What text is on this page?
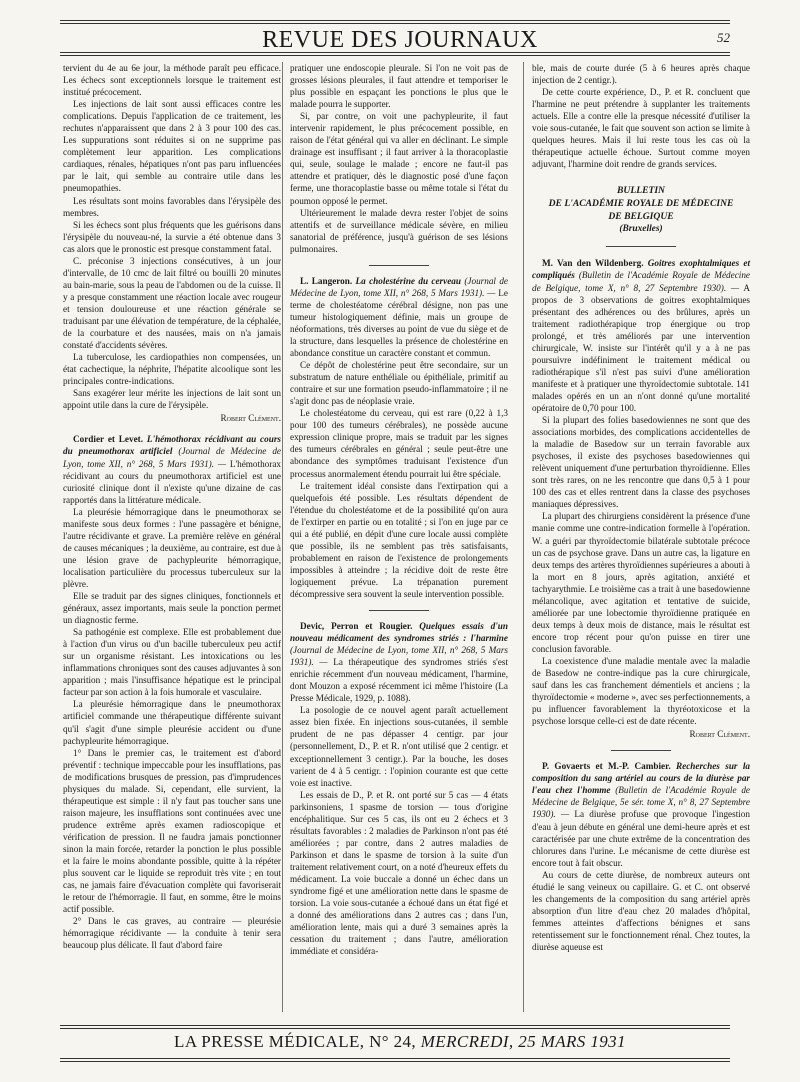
REVUE DES JOURNAUX	52

tervient du 4e au 6e jour, la méthode paraît peu efficace. Les échecs sont exceptionnels lorsque le traitement est institué précocement.

Les injections de lait sont aussi efficaces contre les complications. Depuis l'application de ce traitement, les rechutes n'apparaissent que dans 2 à 3 pour 100 des cas. Les suppurations sont réduites si on ne supprime pas complètement leur apparition. Les complications cardiaques, rénales, hépatiques n'ont pas paru influencées par le lait, qui semble au contraire utile dans les pneumopathies.

Les résultats sont moins favorables dans l'érysipèle des membres.

Si les échecs sont plus fréquents que les guérisons dans l'érysipèle du nouveau-né, la survie a été obtenue dans 3 cas alors que le pronostic est presque constamment fatal.

C. préconise 3 injections consécutives, à un jour d'intervalle, de 10 cmc de lait filtré ou bouilli 20 minutes au bain-marie, sous la peau de l'abdomen ou de la cuisse. Il y a presque constamment une réaction locale avec rougeur et tension douloureuse et une réaction générale se traduisant par une élévation de température, de la céphalée, de la courbature et des nausées, mais on n'a jamais constaté d'accidents sévères.

La tuberculose, les cardiopathies non compensées, un état cachectique, la néphrite, l'hépatite alcoolique sont les principales contre-indications.

Sans exagérer leur mérite les injections de lait sont un appoint utile dans la cure de l'érysipèle.

Robert Clément.

Cordier et Levet. L'hémothorax récidivant au cours du pneumothorax artificiel (Journal de Médecine de Lyon, tome XII, n° 268, 5 Mars 1931). — L'hémothorax récidivant au cours du pneumothorax artificiel est une curiosité clinique dont il n'existe qu'une dizaine de cas rapportés dans la littérature médicale.

La pleurésie hémorragique dans le pneumothorax se manifeste sous deux formes : l'une passagère et bénigne, l'autre récidivante et grave. La première relève en général de causes mécaniques ; la deuxième, au contraire, est due à une lésion grave de pachypleurite hémorragique, localisation particulière du processus tuberculeux sur la plèvre.

Elle se traduit par des signes cliniques, fonctionnels et généraux, assez importants, mais seule la ponction permet un diagnostic ferme.

Sa pathogénie est complexe. Elle est probablement due à l'action d'un virus ou d'un bacille tuberculeux peu actif sur un organisme résistant. Les intoxications ou les inflammations chroniques sont des causes adjuvantes à son apparition ; mais l'insuffisance hépatique est le principal facteur par son action à la fois humorale et vasculaire.

La pleurésie hémorragique dans le pneumothorax artificiel commande une thérapeutique différente suivant qu'il s'agit d'une simple pleurésie accident ou d'une pachypleurite hémorragique.

1° Dans le premier cas, le traitement est d'abord préventif : technique impeccable pour les insufflations, pas de modifications brusques de pression, pas d'imprudences physiques du malade. Si, cependant, elle survient, la thérapeutique est simple : il n'y faut pas toucher sans une raison majeure, les insufflations sont continuées avec une prudence extrême après examen radioscopique et vérification de pression. Il ne faudra jamais ponctionner sinon la main forcée, retarder la ponction le plus possible et la faire le moins abondante possible, quitte à la répéter plus souvent car le liquide se reproduit très vite ; en tout cas, ne jamais faire d'évacuation complète qui favoriserait le retour de l'hémorragie. Il faut, en somme, être le moins actif possible.

2° Dans le cas graves, au contraire — pleurésie hémorragique récidivante — la conduite à tenir sera beaucoup plus délicate. Il faut d'abord faire

pratiquer une endoscopie pleurale. Si l'on ne voit pas de grosses lésions pleurales, il faut attendre et temporiser le plus possible en espaçant les ponctions le plus que le malade pourra le supporter.

Si, par contre, on voit une pachypleurite, il faut intervenir rapidement, le plus précocement possible, en raison de l'état général qui va aller en déclinant. Le simple drainage est insuffisant ; il faut arriver à la thoracoplastie qui, seule, soulage le malade ; encore ne faut-il pas attendre et pratiquer, dès le diagnostic posé d'une façon ferme, une thoracoplastie basse ou même totale si l'état du poumon opposé le permet.

Ultérieurement le malade devra rester l'objet de soins attentifs et de surveillance médicale sévère, en milieu sanatorial de préférence, jusqu'à guérison de ses lésions pulmonaires.

L. Langeron. La cholestérine du cerveau (Journal de Médecine de Lyon, tome XII, n° 268, 5 Mars 1931). — Le terme de cholestéatome cérébral désigne, non pas une tumeur histologiquement définie, mais un groupe de néoformations, très diverses au point de vue du siège et de la structure, dans lesquelles la présence de cholestérine en abondance constitue un caractère constant et commun.

Ce dépôt de cholestérine peut être secondaire, sur un substratum de nature enthéliale ou épithéliale, primitif au contraire et sur une formation pseudo-inflammatoire ; il ne s'agit donc pas de néoplasie vraie.

Le cholestéatome du cerveau, qui est rare (0,22 à 1,3 pour 100 des tumeurs cérébrales), ne possède aucune expression clinique propre, mais se traduit par les signes des tumeurs cérébrales en général ; seule peut-être une abondance des symptômes traduisant l'existence d'un processus anormalement étendu pourrait lui être spéciale.

Le traitement idéal consiste dans l'extirpation qui a quelquefois été possible. Les résultats dépendent de l'étendue du cholestéatome et de la possibilité qu'on aura de l'extirper en partie ou en totalité ; si l'on en juge par ce qui a été publié, en dépit d'une cure locale aussi complète que possible, ils ne semblent pas très satisfaisants, probablement en raison de l'existence de prolongements impossibles à atteindre ; la récidive doit de reste être logiquement prévue. La trépanation purement décompressive sera souvent la seule intervention possible.

Devic, Perron et Rougier. Quelques essais d'un nouveau médicament des syndromes striés : l'harmine (Journal de Médecine de Lyon, tome XII, n° 268, 5 Mars 1931). — La thérapeutique des syndromes striés s'est enrichie récemment d'un nouveau médicament, l'harmine, dont Mouzon a exposé récemment ici même l'histoire (La Presse Médicale, 1929, p. 1088).

La posologie de ce nouvel agent paraît actuellement assez bien fixée. En injections sous-cutanées, il semble prudent de ne pas dépasser 4 centigr. par jour (personnellement, D., P. et R. n'ont utilisé que 2 centigr. et exceptionnellement 3 centigr.). Par la bouche, les doses varient de 4 à 5 centigr. : l'opinion courante est que cette voie est inactive.

Les essais de D., P. et R. ont porté sur 5 cas — 4 états parkinsoniens, 1 spasme de torsion — tous d'origine encéphalitique. Sur ces 5 cas, ils ont eu 2 échecs et 3 résultats favorables : 2 maladies de Parkinson n'ont pas été améliorées ; par contre, dans 2 autres maladies de Parkinson et dans le spasme de torsion à la suite d'un traitement relativement court, on a noté d'heureux effets du médicament. La voie buccale a donné un échec dans un syndrome figé et une amélioration nette dans le spasme de torsion. La voie sous-cutanée a échoué dans un état figé et a donné des améliorations dans 2 autres cas ; dans l'un, amélioration lente, mais qui a duré 3 semaines après la cessation du traitement ; dans l'autre, amélioration immédiate et considéra-

ble, mais de courte durée (5 à 6 heures après chaque injection de 2 centigr.).

De cette courte expérience, D., P. et R. concluent que l'harmine ne peut prétendre à supplanter les traitements actuels. Elle a contre elle la presque nécessité d'utiliser la voie sous-cutanée, le fait que souvent son action se limite à quelques heures. Mais il lui reste tous les cas où la thérapeutique actuelle échoue. Surtout comme moyen adjuvant, l'harmine doit rendre de grands services.

BULLETIN
DE L'ACADÉMIE ROYALE DE MÉDECINE
DE BELGIQUE
(Bruxelles)

M. Van den Wildenberg. Goitres exophtalmiques et compliqués (Bulletin de l'Académie Royale de Médecine de Belgique, tome X, n° 8, 27 Septembre 1930). — A propos de 3 observations de goitres exophtalmiques présentant des adhérences ou des brûlures, après un traitement radiothérapique trop énergique ou trop prolongé, et très améliorés par une intervention chirurgicale, W. insiste sur l'intérêt qu'il y a à ne pas poursuivre indéfiniment le traitement médical ou radiothérapique s'il n'est pas suivi d'une amélioration manifeste et à pratiquer une thyroïdectomie subtotale. 141 malades opérés en un an n'ont donné qu'une mortalité opératoire de 0,70 pour 100.

Si la plupart des folies basedowiennes ne sont que des associations morbides, des complications accidentelles de la maladie de Basedow sur un terrain favorable aux psychoses, il existe des psychoses basedowiennes qui relèvent uniquement d'une perturbation thyroïdienne. Elles sont très rares, on ne les rencontre que dans 0,5 à 1 pour 100 des cas et elles rentrent dans la classe des psychoses maniaques dépressives.

La plupart des chirurgiens considèrent la présence d'une manie comme une contre-indication formelle à l'opération. W. a guéri par thyroïdectomie bilatérale subtotale précoce un cas de psychose grave. Dans un autre cas, la ligature en deux temps des artères thyroïdiennes supérieures a abouti à la mort en 8 jours, après agitation, anxiété et tachyarythmie. Le troisième cas a trait à une basedowienne mélancolique, avec agitation et tentative de suicide, améliorée par une lobectomie thyroïdienne pratiquée en deux temps à deux mois de distance, mais le résultat est encore trop récent pour qu'on puisse en tirer une conclusion favorable.

La coexistence d'une maladie mentale avec la maladie de Basedow ne contre-indique pas la cure chirurgicale, sauf dans les cas franchement démentiels et anciens ; la thyroïdectomie « moderne », avec ses perfectionnements, a pu influencer favorablement la thyréotoxicose et la psychose lorsque celle-ci est de date récente.

Robert Clément.

P. Govaerts et M.-P. Cambier. Recherches sur la composition du sang artériel au cours de la diurèse par l'eau chez l'homme (Bulletin de l'Académie Royale de Médecine de Belgique, 5e sér. tome X, n° 8, 27 Septembre 1930). — La diurèse profuse que provoque l'ingestion d'eau à jeun débute en général une demi-heure après et est caractérisée par une chute extrême de la concentration des chlorures dans l'urine. Le mécanisme de cette diurèse est encore tout à fait obscur.

Au cours de cette diurèse, de nombreux auteurs ont étudié le sang veineux ou capillaire. G. et C. ont observé les changements de la composition du sang artériel après absorption d'un litre d'eau chez 20 malades d'hôpital, femmes atteintes d'affections bénignes et sans retentissement sur le fonctionnement rénal. Chez toutes, la diurèse aqueuse est

LA PRESSE MÉDICALE, N° 24, MERCREDI, 25 MARS 1931
